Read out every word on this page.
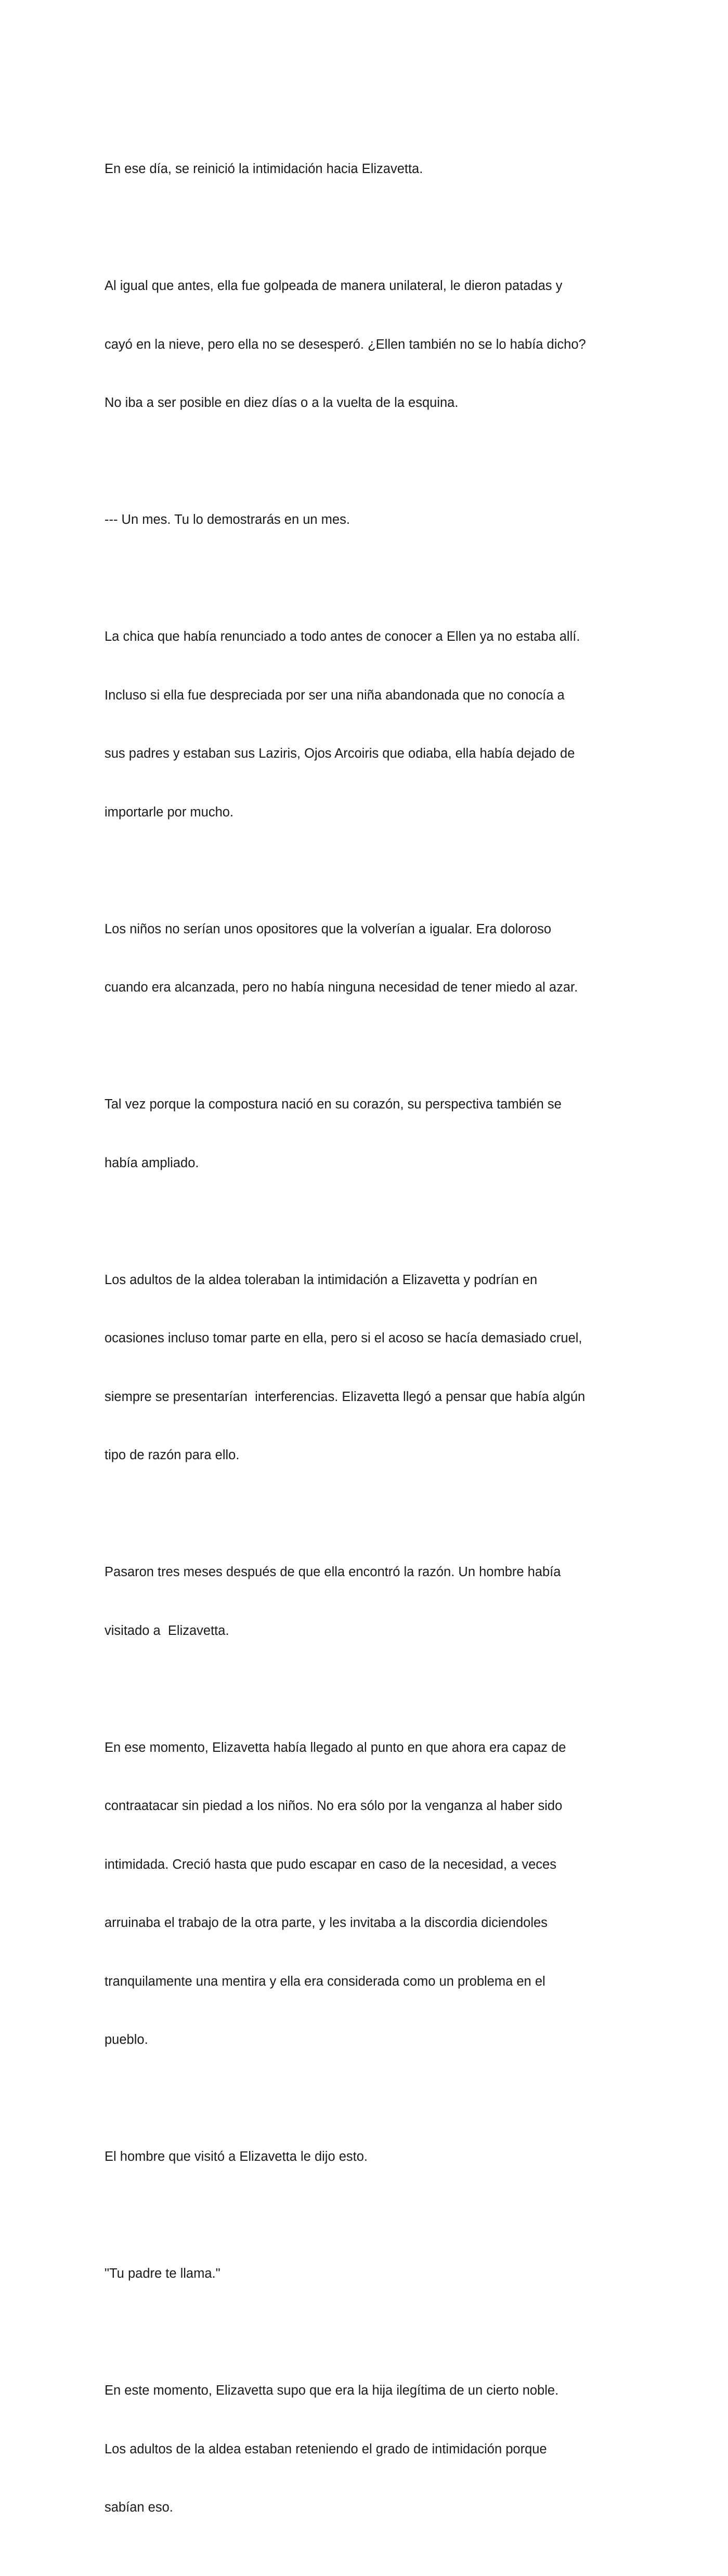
En ese día, se reinició la intimidación hacia Elizavetta.

Al igual que antes, ella fue golpeada de manera unilateral, le dieron patadas y

cayó en la nieve, pero ella no se desesperó. ¿Ellen también no se lo había dicho?

No iba a ser posible en diez días o a la vuelta de la esquina.

--- Un mes. Tu lo demostrarás en un mes.

La chica que había renunciado a todo antes de conocer a Ellen ya no estaba allí.

Incluso si ella fue despreciada por ser una niña abandonada que no conocía a

sus padres y estaban sus Laziris, Ojos Arcoiris que odiaba, ella había dejado de

importarle por mucho.

Los niños no serían unos opositores que la volverían a igualar. Era doloroso

cuando era alcanzada, pero no había ninguna necesidad de tener miedo al azar.

Tal vez porque la compostura nació en su corazón, su perspectiva también se

había ampliado.

Los adultos de la aldea toleraban la intimidación a Elizavetta y podrían en

ocasiones incluso tomar parte en ella, pero si el acoso se hacía demasiado cruel,

siempre se presentarían  interferencias. Elizavetta llegó a pensar que había algún

tipo de razón para ello.

Pasaron tres meses después de que ella encontró la razón. Un hombre había

visitado a  Elizavetta.

En ese momento, Elizavetta había llegado al punto en que ahora era capaz de

contraatacar sin piedad a los niños. No era sólo por la venganza al haber sido

intimidada. Creció hasta que pudo escapar en caso de la necesidad, a veces

arruinaba el trabajo de la otra parte, y les invitaba a la discordia diciendoles

tranquilamente una mentira y ella era considerada como un problema en el

pueblo.

El hombre que visitó a Elizavetta le dijo esto.

"Tu padre te llama."

En este momento, Elizavetta supo que era la hija ilegítima de un cierto noble.

Los adultos de la aldea estaban reteniendo el grado de intimidación porque

sabían eso.
